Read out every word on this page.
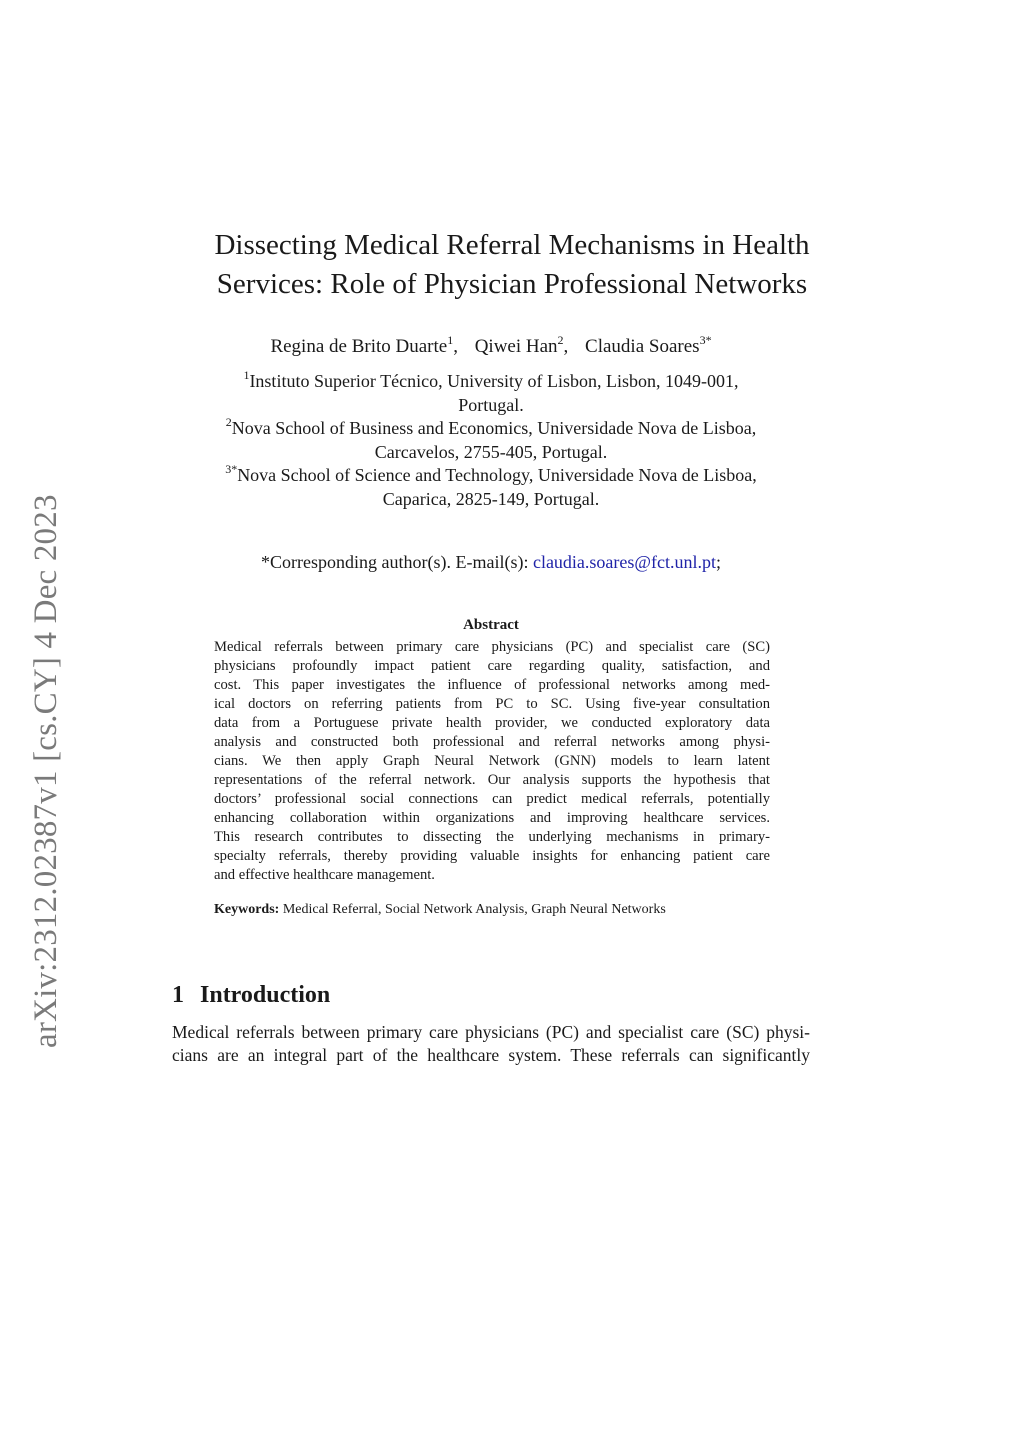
arXiv:2312.02387v1 [cs.CY] 4 Dec 2023
Dissecting Medical Referral Mechanisms in Health
Services: Role of Physician Professional Networks
Regina de Brito Duarte$^1$, Qiwei Han$^2$, Claudia Soares$^{3*}$
$^1$Instituto Superior Técnico, University of Lisbon, Lisbon, 1049-001,
Portugal.
$^2$Nova School of Business and Economics, Universidade Nova de Lisboa,
Carcavelos, 2755-405, Portugal.
$^{3*}$Nova School of Science and Technology, Universidade Nova de Lisboa,
Caparica, 2825-149, Portugal.
*Corresponding author(s). E-mail(s): claudia.soares@fct.unl.pt;
Abstract
Medical referrals between primary care physicians (PC) and specialist care (SC)
physicians profoundly impact patient care regarding quality, satisfaction, and
cost. This paper investigates the influence of professional networks among med-
ical doctors on referring patients from PC to SC. Using five-year consultation
data from a Portuguese private health provider, we conducted exploratory data
analysis and constructed both professional and referral networks among physi-
cians. We then apply Graph Neural Network (GNN) models to learn latent
representations of the referral network. Our analysis supports the hypothesis that
doctors’ professional social connections can predict medical referrals, potentially
enhancing collaboration within organizations and improving healthcare services.
This research contributes to dissecting the underlying mechanisms in primary-
specialty referrals, thereby providing valuable insights for enhancing patient care
and effective healthcare management.
Keywords: Medical Referral, Social Network Analysis, Graph Neural Networks
1 Introduction
Medical referrals between primary care physicians (PC) and specialist care (SC) physi-
cians are an integral part of the healthcare system. These referrals can significantly
